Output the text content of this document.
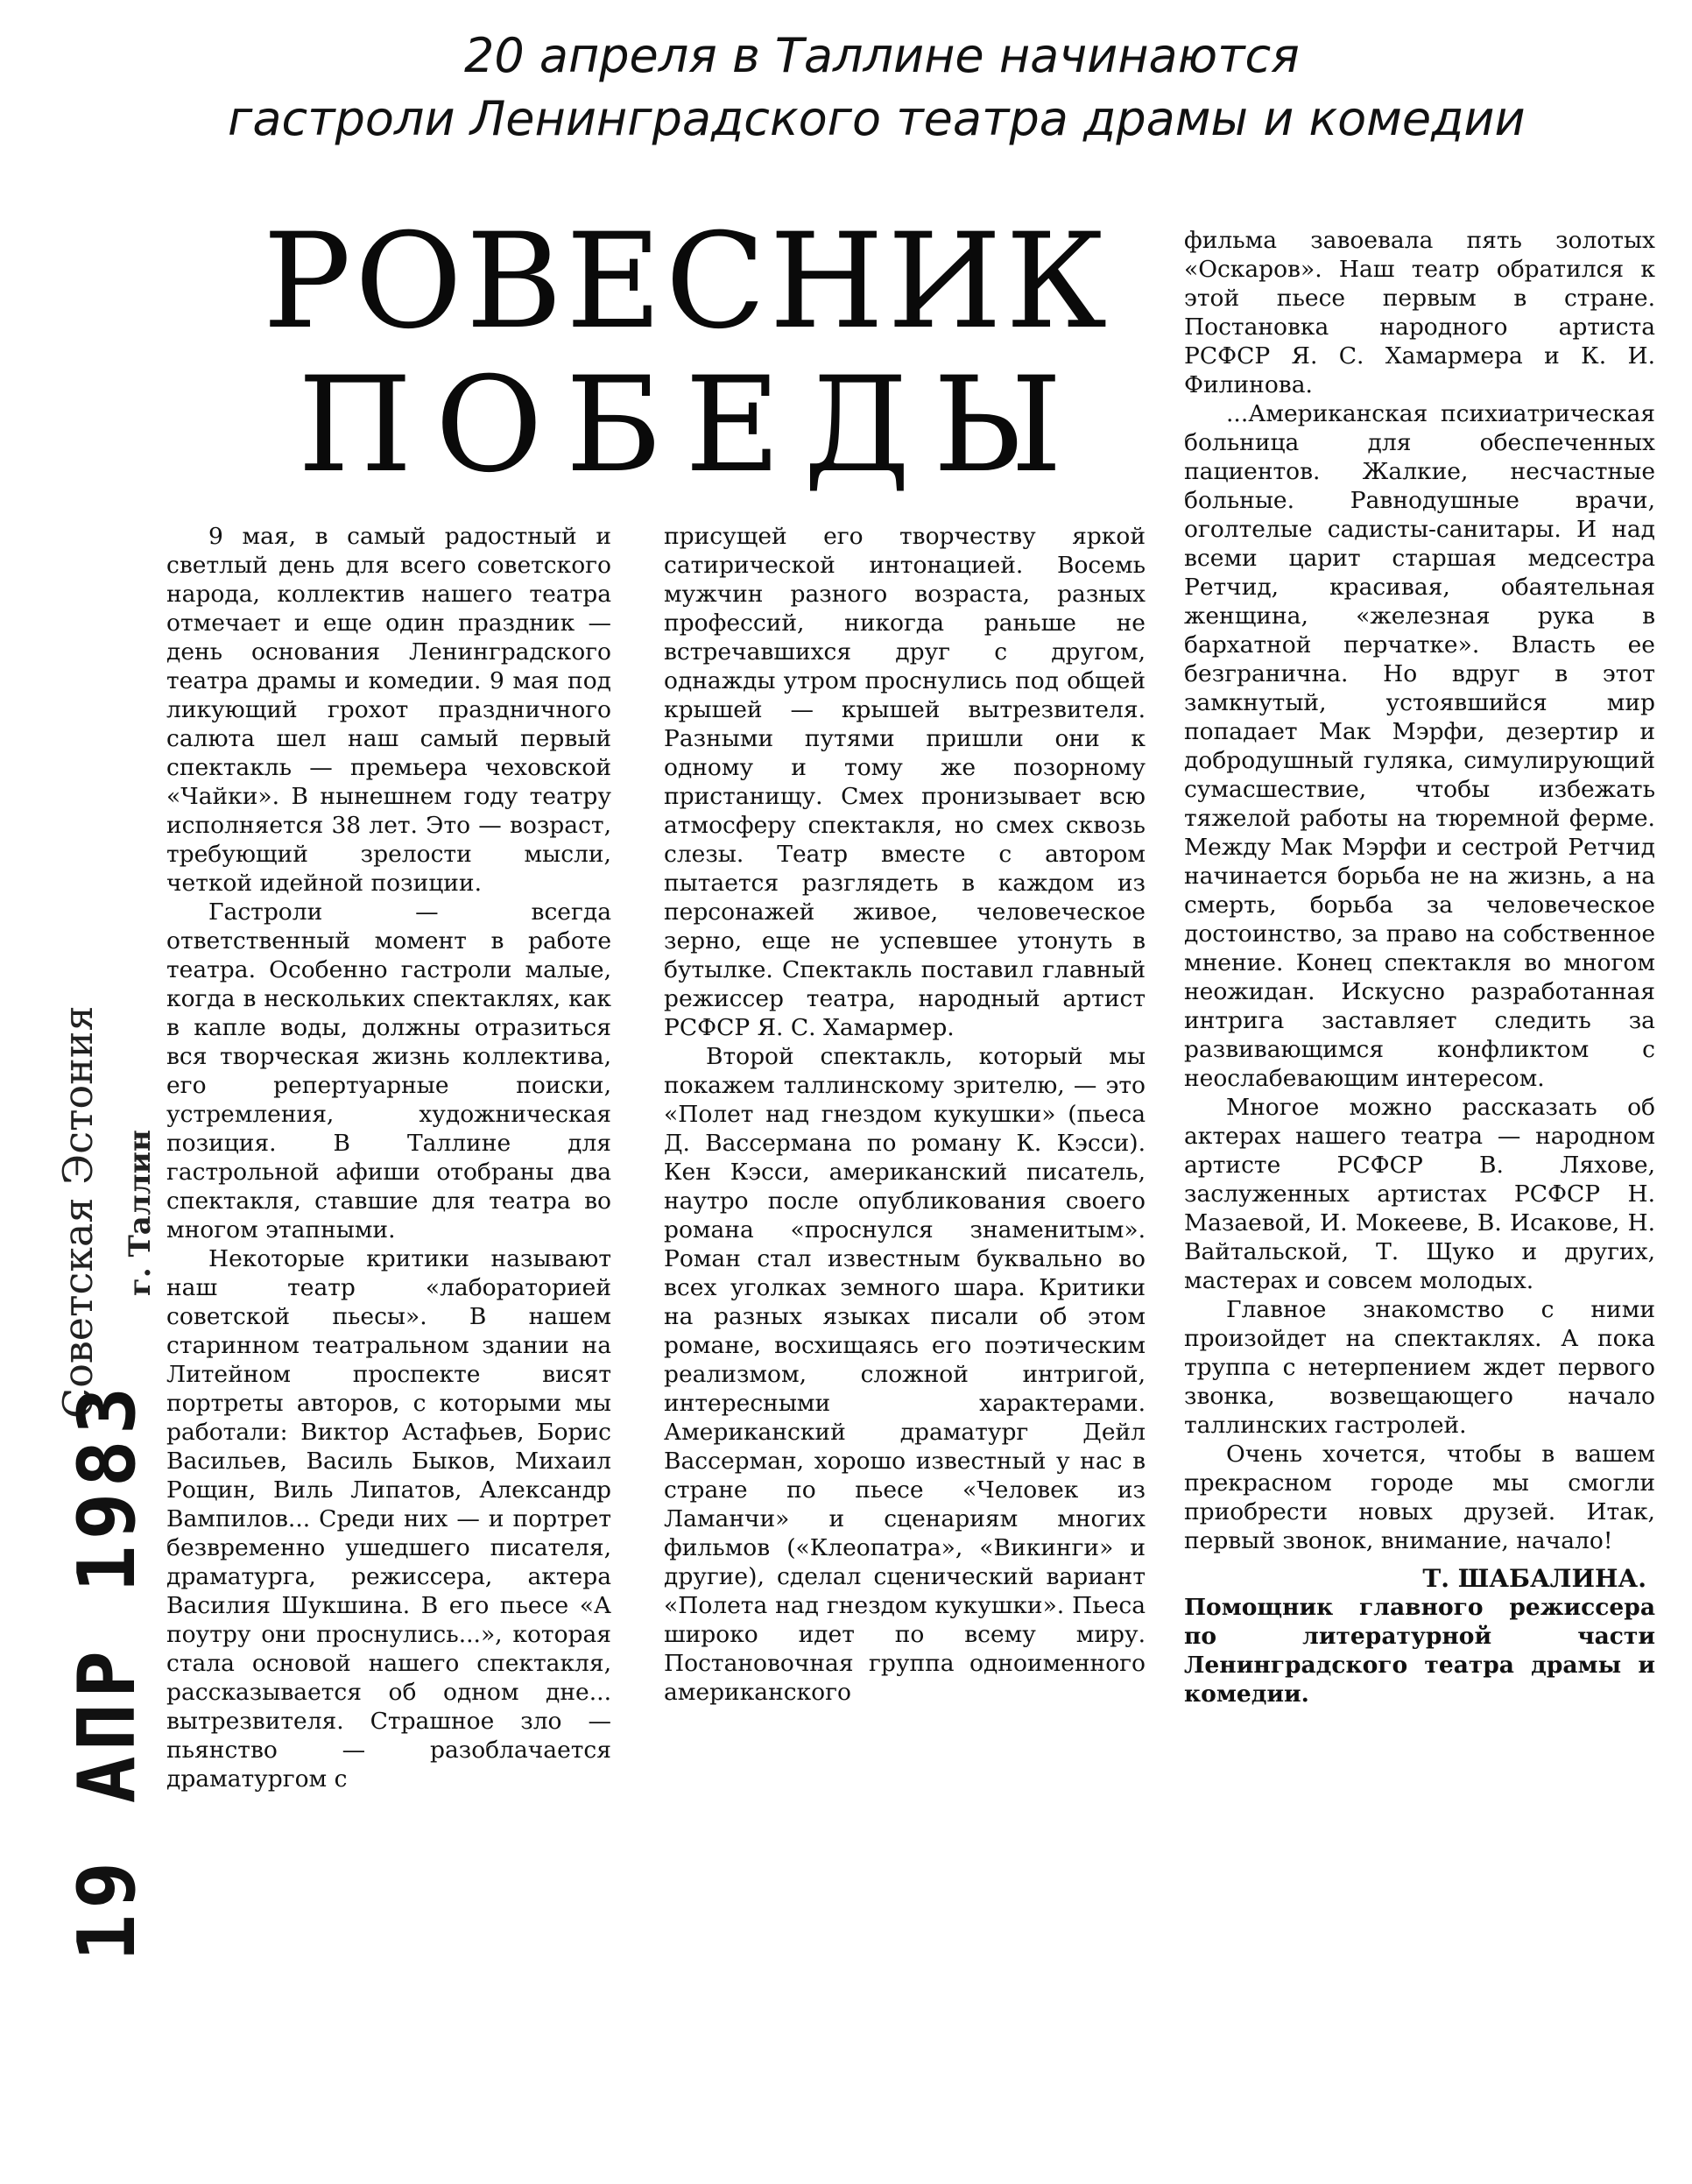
20 апреля в Таллине начинаются
гастроли Ленинградского театра драмы и комедии
РОВЕСНИК
ПОБЕДЫ
Советская Эстония г. Таллин
19 АПР 1983

9 мая, в самый радостный и светлый день для всего советского народа, коллектив нашего театра отмечает и еще один праздник — день основания Ленинградского театра драмы и комедии. 9 мая под ликующий грохот праздничного салюта шел наш самый первый спектакль — премьера чеховской «Чайки». В нынешнем году театру исполняется 38 лет. Это — возраст, требующий зрелости мысли, четкой идейной позиции.

Гастроли — всегда ответственный момент в работе театра. Особенно гастроли малые, когда в нескольких спектаклях, как в капле воды, должны отразиться вся творческая жизнь коллектива, его репертуарные поиски, устремления, художническая позиция. В Таллине для гастрольной афиши отобраны два спектакля, ставшие для театра во многом этапными.

Некоторые критики называют наш театр «лабораторией советской пьесы». В нашем старинном театральном здании на Литейном проспекте висят портреты авторов, с которыми мы работали: Виктор Астафьев, Борис Васильев, Василь Быков, Михаил Рощин, Виль Липатов, Александр Вампилов... Среди них — и портрет безвременно ушедшего писателя, драматурга, режиссера, актера Василия Шукшина. В его пьесе «А поутру они проснулись...», которая стала основой нашего спектакля, рассказывается об одном дне... вытрезвителя. Страшное зло — пьянство — разоблачается драматургом с

присущей его творчеству яркой сатирической интонацией. Восемь мужчин разного возраста, разных профессий, никогда раньше не встречавшихся друг с другом, однажды утром проснулись под общей крышей — крышей вытрезвителя. Разными путями пришли они к одному и тому же позорному пристанищу. Смех пронизывает всю атмосферу спектакля, но смех сквозь слезы. Театр вместе с автором пытается разглядеть в каждом из персонажей живое, человеческое зерно, еще не успевшее утонуть в бутылке. Спектакль поставил главный режиссер театра, народный артист РСФСР Я. С. Хамармер.

Второй спектакль, который мы покажем таллинскому зрителю, — это «Полет над гнездом кукушки» (пьеса Д. Вассермана по роману К. Кэсси). Кен Кэсси, американский писатель, наутро после опубликования своего романа «проснулся знаменитым». Роман стал известным буквально во всех уголках земного шара. Критики на разных языках писали об этом романе, восхищаясь его поэтическим реализмом, сложной интригой, интересными характерами. Американский драматург Дейл Вассерман, хорошо известный у нас в стране по пьесе «Человек из Ламанчи» и сценариям многих фильмов («Клеопатра», «Викинги» и другие), сделал сценический вариант «Полета над гнездом кукушки». Пьеса широко идет по всему миру. Постановочная группа одноименного американского

фильма завоевала пять золотых «Оскаров». Наш театр обратился к этой пьесе первым в стране. Постановка народного артиста РСФСР Я. С. Хамармера и К. И. Филинова.

...Американская психиатрическая больница для обеспеченных пациентов. Жалкие, несчастные больные. Равнодушные врачи, оголтелые садисты-санитары. И над всеми царит старшая медсестра Ретчид, красивая, обаятельная женщина, «железная рука в бархатной перчатке». Власть ее безгранична. Но вдруг в этот замкнутый, устоявшийся мир попадает Мак Мэрфи, дезертир и добродушный гуляка, симулирующий сумасшествие, чтобы избежать тяжелой работы на тюремной ферме. Между Мак Мэрфи и сестрой Ретчид начинается борьба не на жизнь, а на смерть, борьба за человеческое достоинство, за право на собственное мнение. Конец спектакля во многом неожидан. Искусно разработанная интрига заставляет следить за развивающимся конфликтом с неослабевающим интересом.

Многое можно рассказать об актерах нашего театра — народном артисте РСФСР В. Ляхове, заслуженных артистах РСФСР Н. Мазаевой, И. Мокееве, В. Исакове, Н. Вайтальской, Т. Щуко и других, мастерах и совсем молодых.

Главное знакомство с ними произойдет на спектаклях. А пока труппа с нетерпением ждет первого звонка, возвещающего начало таллинских гастролей.

Очень хочется, чтобы в вашем прекрасном городе мы смогли приобрести новых друзей. Итак, первый звонок, внимание, начало!

Т. ШАБАЛИНА.
Помощник главного режиссера по литературной части Ленинградского театра драмы и комедии.
